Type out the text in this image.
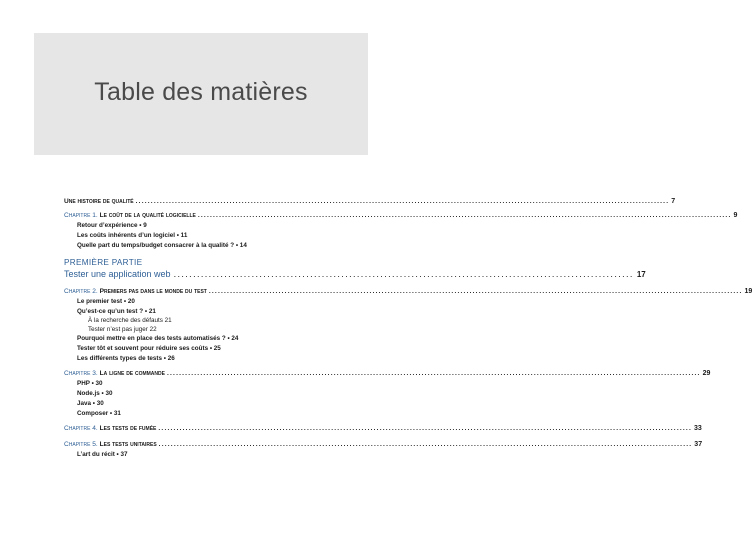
Table des matières
Une histoire de qualité .....	7
Chapitre 1. Le coût de la qualité logicielle .....	9
Retour d’expérience • 9
Les coûts inhérents d’un logiciel • 11
Quelle part du temps/budget consacrer à la qualité ? • 14
PREMIÈRE PARTIE
Tester une application web .....	17
Chapitre 2. Premiers pas dans le monde du test .....	19
Le premier test • 20
Qu’est-ce qu’un test ? • 21
À la recherche des défauts 21
Tester n’est pas juger 22
Pourquoi mettre en place des tests automatisés ? • 24
Tester tôt et souvent pour réduire ses coûts • 25
Les différents types de tests • 26
Chapitre 3. La ligne de commande .....	29
PHP • 30
Node.js • 30
Java • 30
Composer • 31
Chapitre 4. Les tests de fumée .....	33
Chapitre 5. Les tests unitaires .....	37
L’art du récit • 37
